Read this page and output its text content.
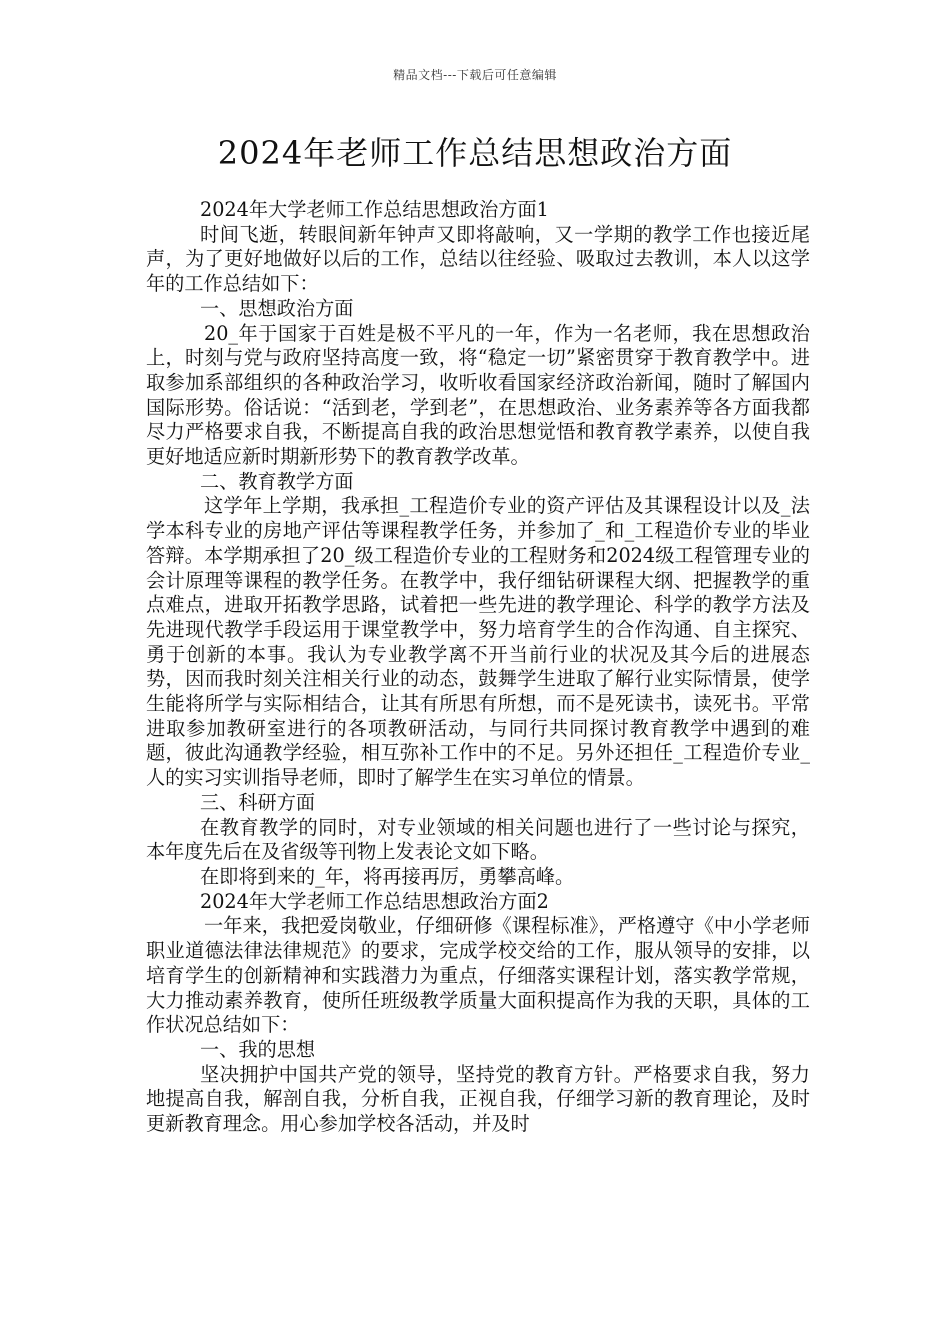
精品文档---下载后可任意编辑
2024年老师工作总结思想政治方面

2024年大学老师工作总结思想政治方面1

时间飞逝，转眼间新年钟声又即将敲响，又一学期的教学工作也接近尾声，为了更好地做好以后的工作，总结以往经验、吸取过去教训，本人以这学年的工作总结如下：

一、思想政治方面

20_年于国家于百姓是极不平凡的一年，作为一名老师，我在思想政治上，时刻与党与政府坚持高度一致，将“稳定一切”紧密贯穿于教育教学中。进取参加系部组织的各种政治学习，收听收看国家经济政治新闻，随时了解国内国际形势。俗话说：“活到老，学到老”，在思想政治、业务素养等各方面我都尽力严格要求自我，不断提高自我的政治思想觉悟和教育教学素养，以使自我更好地适应新时期新形势下的教育教学改革。

二、教育教学方面

这学年上学期，我承担_工程造价专业的资产评估及其课程设计以及_法学本科专业的房地产评估等课程教学任务，并参加了_和_工程造价专业的毕业答辩。本学期承担了20_级工程造价专业的工程财务和2024级工程管理专业的会计原理等课程的教学任务。在教学中，我仔细钻研课程大纲、把握教学的重点难点，进取开拓教学思路，试着把一些先进的教学理论、科学的教学方法及先进现代教学手段运用于课堂教学中，努力培育学生的合作沟通、自主探究、勇于创新的本事。我认为专业教学离不开当前行业的状况及其今后的进展态势，因而我时刻关注相关行业的动态，鼓舞学生进取了解行业实际情景，使学生能将所学与实际相结合，让其有所思有所想，而不是死读书，读死书。平常进取参加教研室进行的各项教研活动，与同行共同探讨教育教学中遇到的难题，彼此沟通教学经验，相互弥补工作中的不足。另外还担任_工程造价专业_人的实习实训指导老师，即时了解学生在实习单位的情景。

三、科研方面

在教育教学的同时，对专业领域的相关问题也进行了一些讨论与探究，本年度先后在及省级等刊物上发表论文如下略。

在即将到来的_年，将再接再厉，勇攀高峰。

2024年大学老师工作总结思想政治方面2

一年来，我把爱岗敬业，仔细研修《课程标准》，严格遵守《中小学老师职业道德法律法律规范》的要求，完成学校交给的工作，服从领导的安排，以培育学生的创新精神和实践潜力为重点，仔细落实课程计划，落实教学常规，大力推动素养教育，使所任班级教学质量大面积提高作为我的天职，具体的工作状况总结如下：

一、我的思想

坚决拥护中国共产党的领导，坚持党的教育方针。严格要求自我，努力地提高自我，解剖自我，分析自我，正视自我，仔细学习新的教育理论，及时更新教育理念。用心参加学校各活动，并及时
